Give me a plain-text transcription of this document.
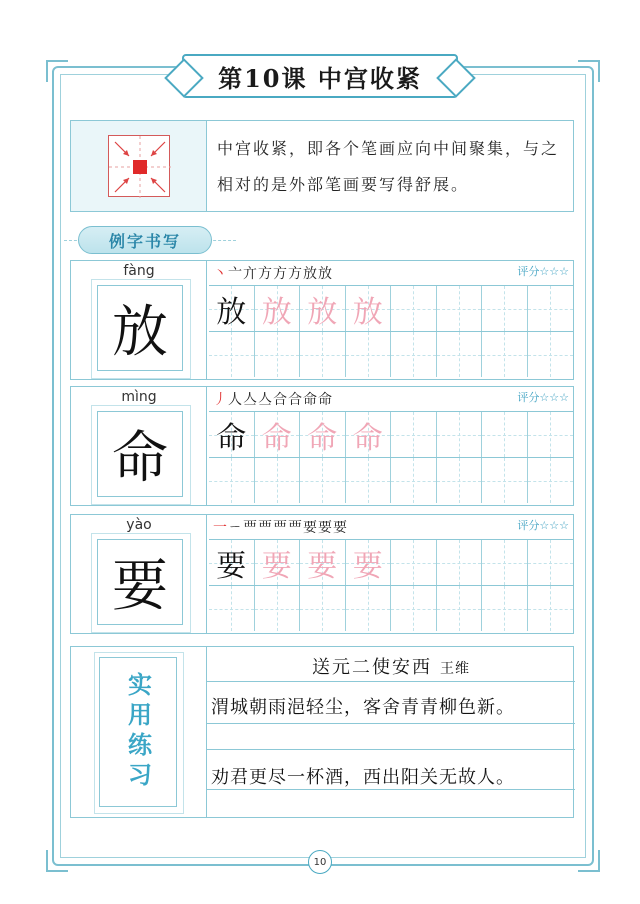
第10课 中宫收紧
中宫收紧，即各个笔画应向中间聚集，与之相对的是外部笔画要写得舒展。
例字书写
fàng
放
丶亠亣方方方放放	评分☆☆☆
放 放 放 放
mìng
命
丿人亼亼合合命命	评分☆☆☆
命 命 命 命
yào
要
一ㄧ覀覀覀覀要要要	评分☆☆☆
要 要 要 要
实用练习
送元二使安西 王维
渭城朝雨浥轻尘，客舍青青柳色新。
劝君更尽一杯酒，西出阳关无故人。
10
